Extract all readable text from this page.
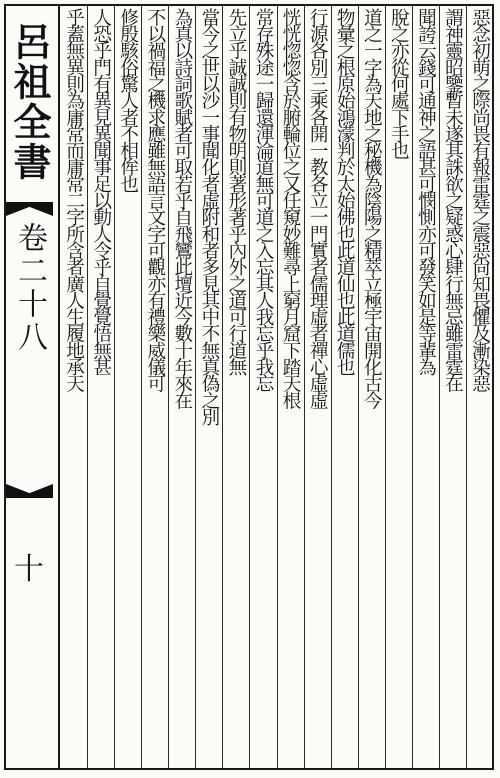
惡念初萌之際尚畏有報雷霆之震惡尙知畏懼及漸染惡
謂神靈昭鑒暫未遂其誅欲之疑惑心肆行無忌雖雷霆在
聞誇云錢可通神之語甚可憫惻亦可發笑如是等輩為
脫之亦從何處下手也
道之一字為天地之秘機為陰陽之精萃立極宇宙開化古今
物彙之根原始鴻濛判於太始佛也此道仙也此道儒也
行源各別三乘各開一教各立一門實者儒理虛者禪心虛虛
恍恍惚惚含於腑輪位之又任窺妙難尋上窮月窟下踏天根
常存殊途一歸還渾淪道無可道之入忘其人我忘乎我忘
先立乎誠誠則有物明則著形著乎內外之道可行道無
當今之世以沙一事聞化者虛附和者多見其中不無真偽之別
為真以詩詞歌賦者可取若乎自飛鸞此壇近今數十年來在
不以禍福之機求應雖無語言文字可觀亦有禮樂威儀可
修殷駭俗驚人者不相侔也
人恐乎門有異見異聞事足以動人令乎自覺覺悟無甚
乎蓋無異則為庸常而庸常二字所含者廣人生履地承天
呂祖全書
卷二十八
十
